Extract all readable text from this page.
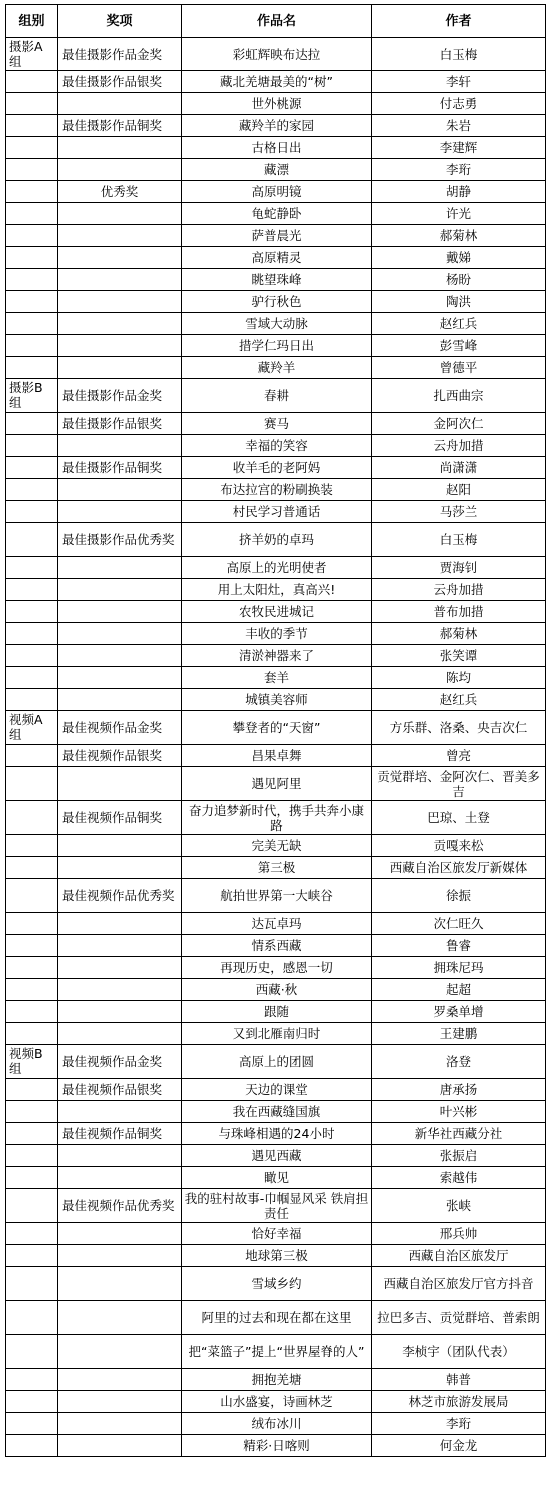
组别	奖项	作品名	作者
摄影A组	最佳摄影作品金奖	彩虹辉映布达拉	白玉梅
	最佳摄影作品银奖	藏北羌塘最美的“树”	李轩
		世外桃源	付志勇
	最佳摄影作品铜奖	藏羚羊的家园	朱岩
		古格日出	李建辉
		藏漂	李珩
	优秀奖	高原明镜	胡静
		龟蛇静卧	许光
		萨普晨光	郝菊林
		高原精灵	戴娣
		眺望珠峰	杨盼
		驴行秋色	陶洪
		雪域大动脉	赵红兵
		措学仁玛日出	彭雪峰
		藏羚羊	曾德平
摄影B组	最佳摄影作品金奖	春耕	扎西曲宗
	最佳摄影作品银奖	赛马	金阿次仁
		幸福的笑容	云舟加措
	最佳摄影作品铜奖	收羊毛的老阿妈	尚潇潇
		布达拉宫的粉刷换装	赵阳
		村民学习普通话	马莎兰
	最佳摄影作品优秀奖	挤羊奶的卓玛	白玉梅
		高原上的光明使者	贾海钊
		用上太阳灶，真高兴!	云舟加措
		农牧民进城记	普布加措
		丰收的季节	郝菊林
		清淤神器来了	张笑谭
		套羊	陈均
		城镇美容师	赵红兵
视频A组	最佳视频作品金奖	攀登者的“天窗”	方乐群、洛桑、央吉次仁
	最佳视频作品银奖	昌果卓舞	曾亮
		遇见阿里	贡觉群培、金阿次仁、晋美多吉
	最佳视频作品铜奖	奋力追梦新时代，携手共奔小康路	巴琼、土登
		完美无缺	贡嘎来松
		第三极	西藏自治区旅发厅新媒体
	最佳视频作品优秀奖	航拍世界第一大峡谷	徐振
		达瓦卓玛	次仁旺久
		情系西藏	鲁睿
		再现历史，感恩一切	拥珠尼玛
		西藏·秋	起超
		跟随	罗桑单增
		又到北雁南归时	王建鹏
视频B组	最佳视频作品金奖	高原上的团圆	洛登
	最佳视频作品银奖	天边的课堂	唐承扬
		我在西藏缝国旗	叶兴彬
	最佳视频作品铜奖	与珠峰相遇的24小时	新华社西藏分社
		遇见西藏	张振启
		瞰见	索越伟
	最佳视频作品优秀奖	我的驻村故事-巾帼显风采 铁肩担责任	张峡
		恰好幸福	邢兵帅
		地球第三极	西藏自治区旅发厅
		雪域乡约	西藏自治区旅发厅官方抖音
		阿里的过去和现在都在这里	拉巴多吉、贡觉群培、普索朗
		把“菜篮子”提上“世界屋脊的人”	李桢宇（团队代表）
		拥抱羌塘	韩普
		山水盛宴，诗画林芝	林芝市旅游发展局
		绒布冰川	李珩
		精彩·日喀则	何金龙
